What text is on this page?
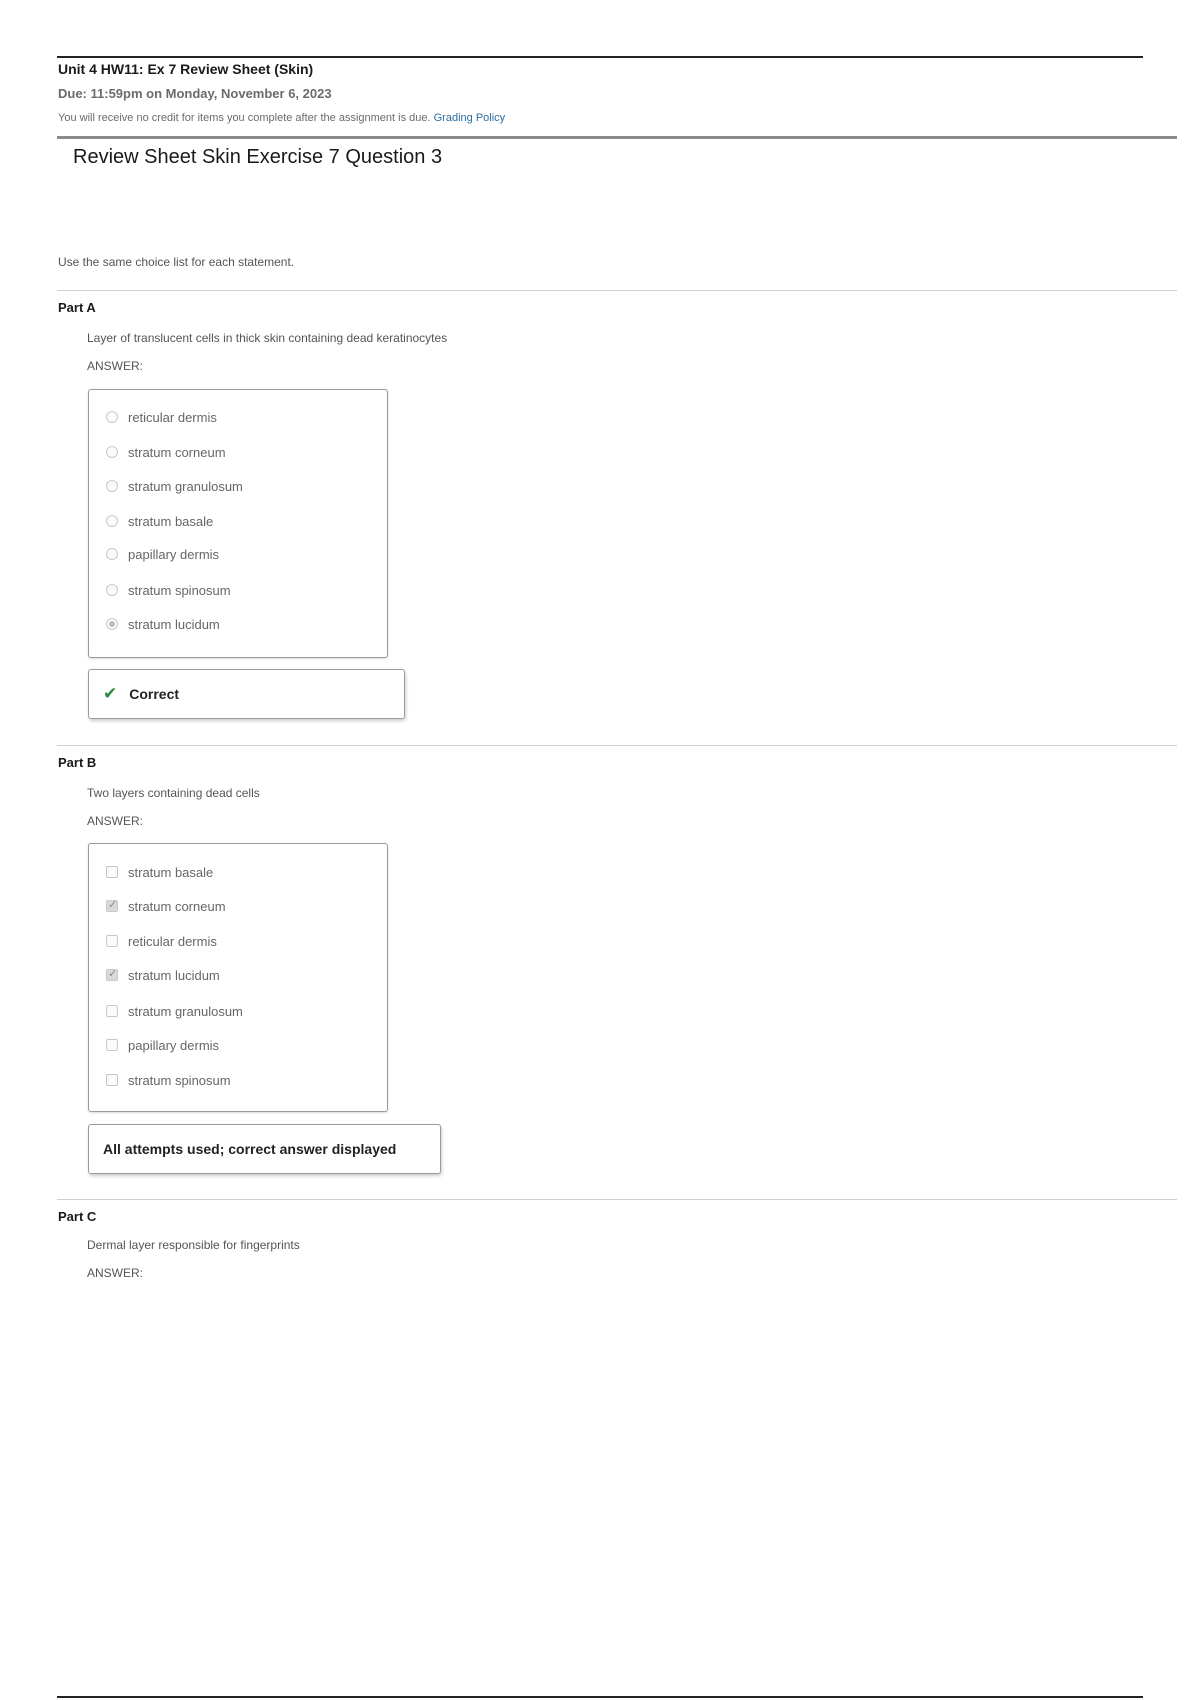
Unit 4 HW11: Ex 7 Review Sheet (Skin)
Due: 11:59pm on Monday, November 6, 2023
You will receive no credit for items you complete after the assignment is due. Grading Policy
Review Sheet Skin Exercise 7 Question 3
Use the same choice list for each statement.
Part A
Layer of translucent cells in thick skin containing dead keratinocytes
ANSWER:
reticular dermis
stratum corneum
stratum granulosum
stratum basale
papillary dermis
stratum spinosum
stratum lucidum
✔ Correct
Part B
Two layers containing dead cells
ANSWER:
stratum basale
✓
stratum corneum
reticular dermis
✓
stratum lucidum
stratum granulosum
papillary dermis
stratum spinosum
All attempts used; correct answer displayed
Part C
Dermal layer responsible for fingerprints
ANSWER:
